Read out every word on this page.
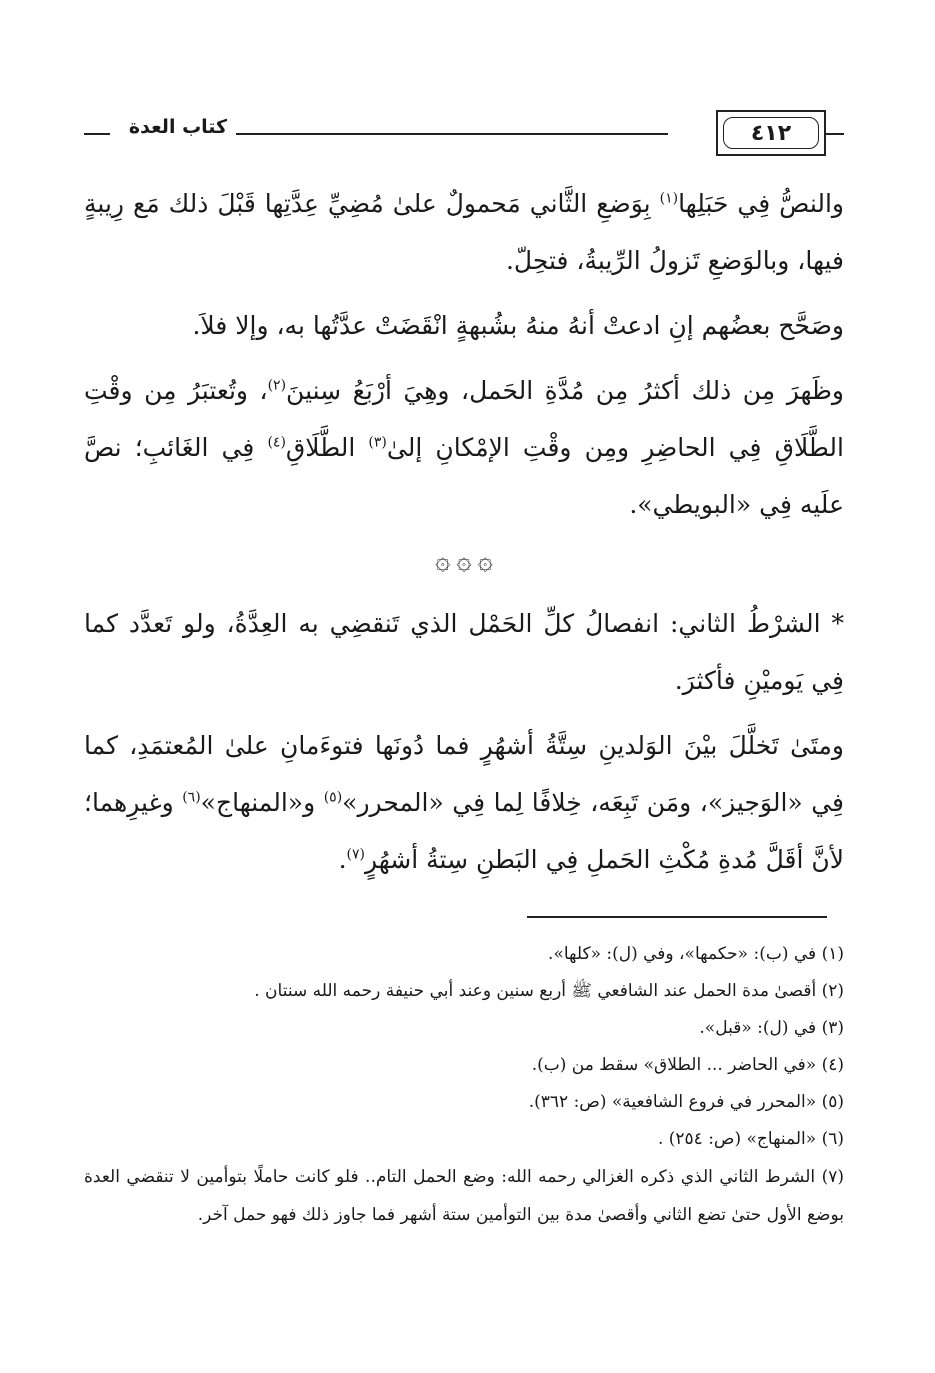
كتاب العدة	٤١٢

والنصُّ فِي حَبَلِها$^{(١)}$ بِوَضعِ الثَّاني مَحمولٌ علىٰ مُضِيِّ عِدَّتِها قَبْلَ ذلك مَع رِيبةٍ فيها، وبالوَضعِ تَزولُ الرِّيبةُ، فتحِلّ.

وصَحَّح بعضُهم إنِ ادعتْ أنهُ منهُ بشُبهةٍ انْقَضَتْ عدَّتُها به، وإلا فلاَ.

وظَهرَ مِن ذلك أكثرُ مِن مُدَّةِ الحَمل، وهِيَ أرْبَعُ سِنينَ$^{(٢)}$، وتُعتبَرُ مِن وقْتِ الطَّلَاقِ فِي الحاضِرِ ومِن وقْتِ الإمْكانِ إلىٰ$^{(٣)}$ الطَّلَاقِ$^{(٤)}$ فِي الغَائبِ؛ نصَّ علَيه فِي «البويطي».

۞
۞
۞

* الشرْطُ الثاني: انفصالُ كلِّ الحَمْل الذي تَنقضِي به العِدَّةُ، ولو تَعدَّد كما فِي يَوميْنِ فأكثرَ.

ومتَىٰ تَخلَّلَ بيْنَ الوَلدينِ سِتَّةُ أشهُرٍ فما دُونَها فتوءَمانِ علىٰ المُعتمَدِ، كما فِي «الوَجيز»، ومَن تَبِعَه، خِلافًا لِما فِي «المحرر»$^{(٥)}$ و«المنهاج»$^{(٦)}$ وغيرِهما؛ لأنَّ أقَلَّ مُدةِ مُكْثِ الحَملِ فِي البَطنِ سِتةُ أشهُرٍ$^{(٧)}$.

(١) في (ب): «حكمها»، وفي (ل): «كلها».

(٢) أقصىٰ مدة الحمل عند الشافعي ﷺ أربع سنين وعند أبي حنيفة رحمه الله سنتان .

(٣) في (ل): «قبل».

(٤) «في الحاضر ... الطلاق» سقط من (ب).

(٥) «المحرر في فروع الشافعية» (ص: ٣٦٢).

(٦) «المنهاج» (ص: ٢٥٤) .

(٧) الشرط الثاني الذي ذكره الغزالي رحمه الله: وضع الحمل التام.. فلو كانت حاملًا بتوأمين لا تنقضي العدة بوضع الأول حتىٰ تضع الثاني وأقصىٰ مدة بين التوأمين ستة أشهر فما جاوز ذلك فهو حمل آخر.
